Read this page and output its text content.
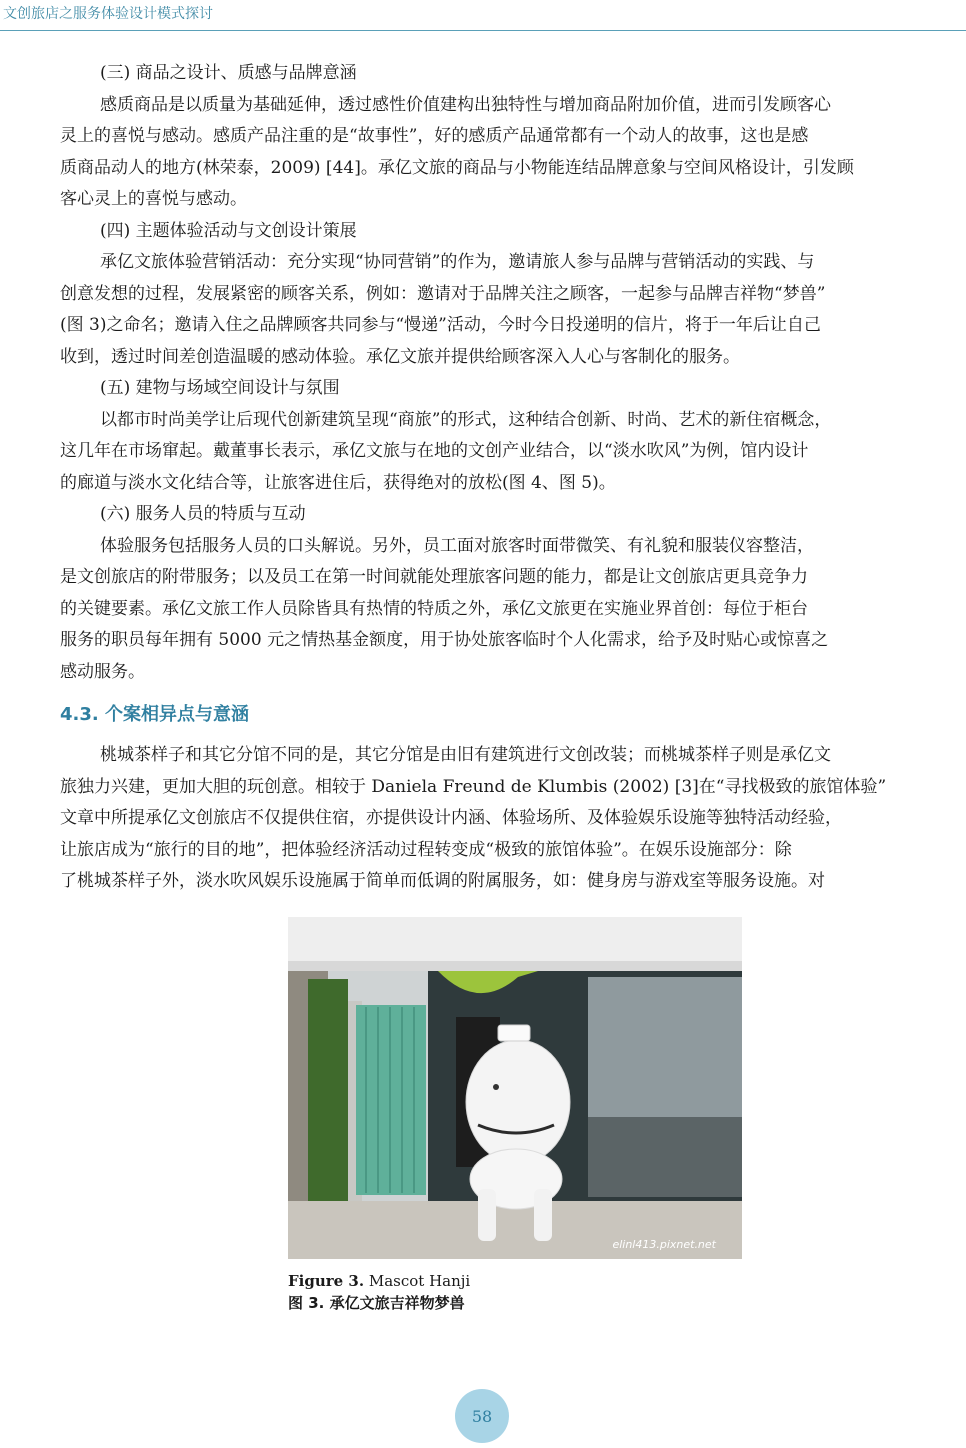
文创旅店之服务体验设计模式探讨

(三) 商品之设计、质感与品牌意涵

感质商品是以质量为基础延伸，透过感性价值建构出独特性与增加商品附加价值，进而引发顾客心

灵上的喜悦与感动。感质产品注重的是“故事性”，好的感质产品通常都有一个动人的故事，这也是感

质商品动人的地方(林荣泰，2009) [44]。承亿文旅的商品与小物能连结品牌意象与空间风格设计，引发顾

客心灵上的喜悦与感动。

(四) 主题体验活动与文创设计策展

承亿文旅体验营销活动：充分实现“协同营销”的作为，邀请旅人参与品牌与营销活动的实践、与

创意发想的过程，发展紧密的顾客关系，例如：邀请对于品牌关注之顾客，一起参与品牌吉祥物“梦兽”

(图 3)之命名；邀请入住之品牌顾客共同参与“慢递”活动，今时今日投递明的信片，将于一年后让自己

收到，透过时间差创造温暖的感动体验。承亿文旅并提供给顾客深入人心与客制化的服务。

(五) 建物与场域空间设计与氛围

以都市时尚美学让后现代创新建筑呈现“商旅”的形式，这种结合创新、时尚、艺术的新住宿概念，

这几年在市场窜起。戴董事长表示，承亿文旅与在地的文创产业结合，以“淡水吹风”为例，馆内设计

的廊道与淡水文化结合等，让旅客进住后，获得绝对的放松(图 4、图 5)。

(六) 服务人员的特质与互动

体验服务包括服务人员的口头解说。另外，员工面对旅客时面带微笑、有礼貌和服装仪容整洁，

是文创旅店的附带服务；以及员工在第一时间就能处理旅客问题的能力，都是让文创旅店更具竞争力

的关键要素。承亿文旅工作人员除皆具有热情的特质之外，承亿文旅更在实施业界首创：每位于柜台

服务的职员每年拥有 5000 元之情热基金额度，用于协处旅客临时个人化需求，给予及时贴心或惊喜之

感动服务。

4.3. 个案相异点与意涵

桃城茶样子和其它分馆不同的是，其它分馆是由旧有建筑进行文创改装；而桃城茶样子则是承亿文

旅独力兴建，更加大胆的玩创意。相较于 Daniela Freund de Klumbis (2002) [3]在“寻找极致的旅馆体验”

文章中所提承亿文创旅店不仅提供住宿，亦提供设计内涵、体验场所、及体验娱乐设施等独特活动经验，

让旅店成为“旅行的目的地”，把体验经济活动过程转变成“极致的旅馆体验”。在娱乐设施部分：除

了桃城茶样子外，淡水吹风娱乐设施属于简单而低调的附属服务，如：健身房与游戏室等服务设施。对

elinl413.pixnet.net
Figure 3. Mascot Hanji
图 3. 承亿文旅吉祥物梦兽
58
